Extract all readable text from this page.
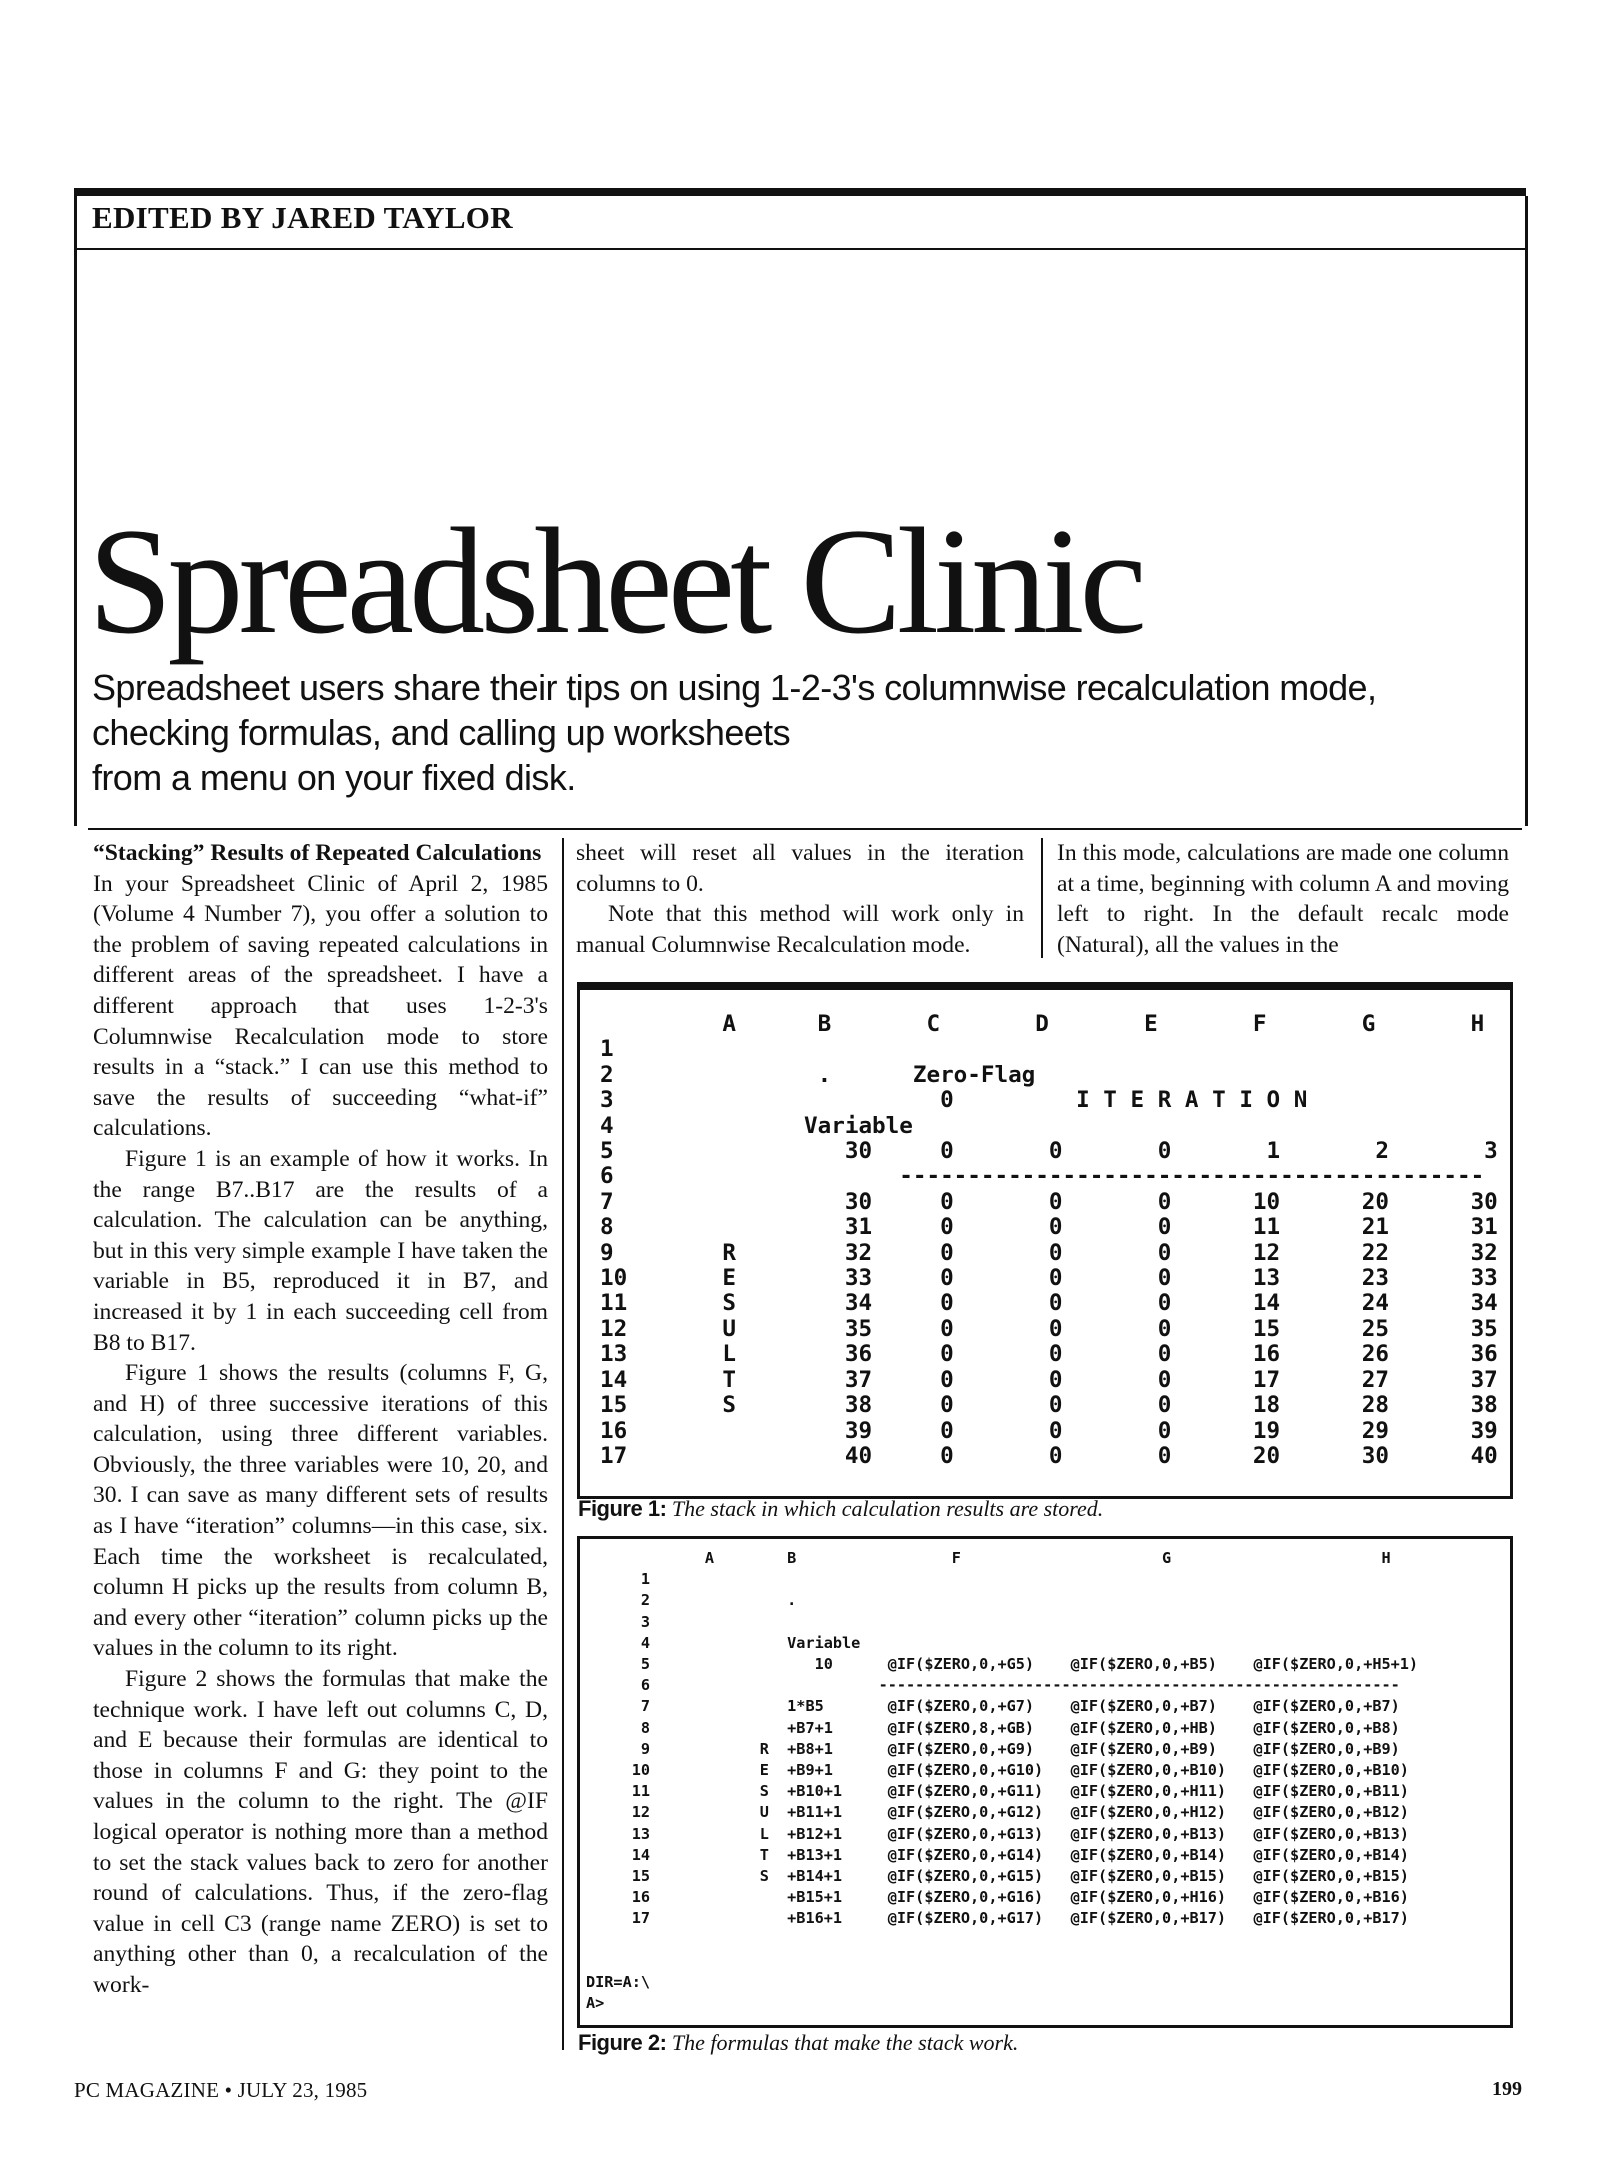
EDITED BY JARED TAYLOR
Spreadsheet Clinic
Spreadsheet users share their tips on using 1-2-3's columnwise recalculation mode,
checking formulas, and calling up worksheets
from a menu on your fixed disk.

“Stacking” Results of Repeated Calculations

In your Spreadsheet Clinic of April 2, 1985 (Volume 4 Number 7), you offer a solution to the problem of saving repeated calculations in different areas of the spreadsheet. I have a different approach that uses 1-2-3's Columnwise Recalculation mode to store results in a “stack.” I can use this method to save the results of succeeding “what-if” calculations.

Figure 1 is an example of how it works. In the range B7..B17 are the results of a calculation. The calculation can be anything, but in this very simple example I have taken the variable in B5, reproduced it in B7, and increased it by 1 in each succeeding cell from B8 to B17.

Figure 1 shows the results (columns F, G, and H) of three successive iterations of this calculation, using three different variables. Obviously, the three variables were 10, 20, and 30. I can save as many different sets of results as I have “iteration” columns—in this case, six. Each time the worksheet is recalculated, column H picks up the results from column B, and every other “iteration” column picks up the values in the column to its right.

Figure 2 shows the formulas that make the technique work. I have left out columns C, D, and E because their formulas are identical to those in columns F and G: they point to the values in the column to the right. The @IF logical operator is nothing more than a method to set the stack values back to zero for another round of calculations. Thus, if the zero-flag value in cell C3 (range name ZERO) is set to anything other than 0, a recalculation of the work-

sheet will reset all values in the iteration columns to 0.

Note that this method will work only in manual Columnwise Recalculation mode.

In this mode, calculations are made one column at a time, beginning with column A and moving left to right. In the default recalc mode (Natural), all the values in the

A      B       C       D       E       F       G       H
1
2               .      Zero-Flag
3                        0         I T E R A T I O N
4              Variable
5                 30     0       0       0       1       2       3
6                     -------------------------------------------
7                 30     0       0       0      10      20      30
8                 31     0       0       0      11      21      31
9        R        32     0       0       0      12      22      32
10       E        33     0       0       0      13      23      33
11       S        34     0       0       0      14      24      34
12       U        35     0       0       0      15      25      35
13       L        36     0       0       0      16      26      36
14       T        37     0       0       0      17      27      37
15       S        38     0       0       0      18      28      38
16                39     0       0       0      19      29      39
17                40     0       0       0      20      30      40
Figure 1: The stack in which calculation results are stored.
A        B                 F                      G                       H
1
2               .
3
4               Variable
5                  10      @IF($ZERO,0,+G5)    @IF($ZERO,0,+B5)    @IF($ZERO,0,+H5+1)
6                         ---------------------------------------------------------
7               1*B5       @IF($ZERO,0,+G7)    @IF($ZERO,0,+B7)    @IF($ZERO,0,+B7)
8               +B7+1      @IF($ZERO,8,+GB)    @IF($ZERO,0,+HB)    @IF($ZERO,0,+B8)
9            R  +B8+1      @IF($ZERO,0,+G9)    @IF($ZERO,0,+B9)    @IF($ZERO,0,+B9)
10            E  +B9+1      @IF($ZERO,0,+G10)   @IF($ZERO,0,+B10)   @IF($ZERO,0,+B10)
11            S  +B10+1     @IF($ZERO,0,+G11)   @IF($ZERO,0,+H11)   @IF($ZERO,0,+B11)
12            U  +B11+1     @IF($ZERO,0,+G12)   @IF($ZERO,0,+H12)   @IF($ZERO,0,+B12)
13            L  +B12+1     @IF($ZERO,0,+G13)   @IF($ZERO,0,+B13)   @IF($ZERO,0,+B13)
14            T  +B13+1     @IF($ZERO,0,+G14)   @IF($ZERO,0,+B14)   @IF($ZERO,0,+B14)
15            S  +B14+1     @IF($ZERO,0,+G15)   @IF($ZERO,0,+B15)   @IF($ZERO,0,+B15)
16               +B15+1     @IF($ZERO,0,+G16)   @IF($ZERO,0,+H16)   @IF($ZERO,0,+B16)
17               +B16+1     @IF($ZERO,0,+G17)   @IF($ZERO,0,+B17)   @IF($ZERO,0,+B17)

DIR=A:\
A>
Figure 2: The formulas that make the stack work.
PC MAGAZINE • JULY 23, 1985	199
